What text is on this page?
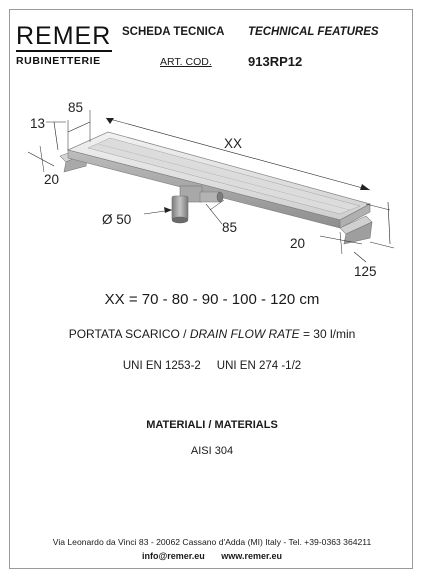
REMER
RUBINETTERIE
SCHEDA TECNICA TECHNICAL FEATURES
ART. COD.	913RP12
85
13
20
XX
Ø 50
85
20
125
XX = 70 - 80 - 90 - 100 - 120 cm
PORTATA SCARICO / DRAIN FLOW RATE = 30 l/min
UNI EN 1253-2 UNI EN 274 -1/2
MATERIALI / MATERIALS
AISI 304
Via Leonardo da Vinci 83 - 20062 Cassano d'Adda (MI) Italy - Tel. +39-0363 364211
info@remer.eu www.remer.eu
